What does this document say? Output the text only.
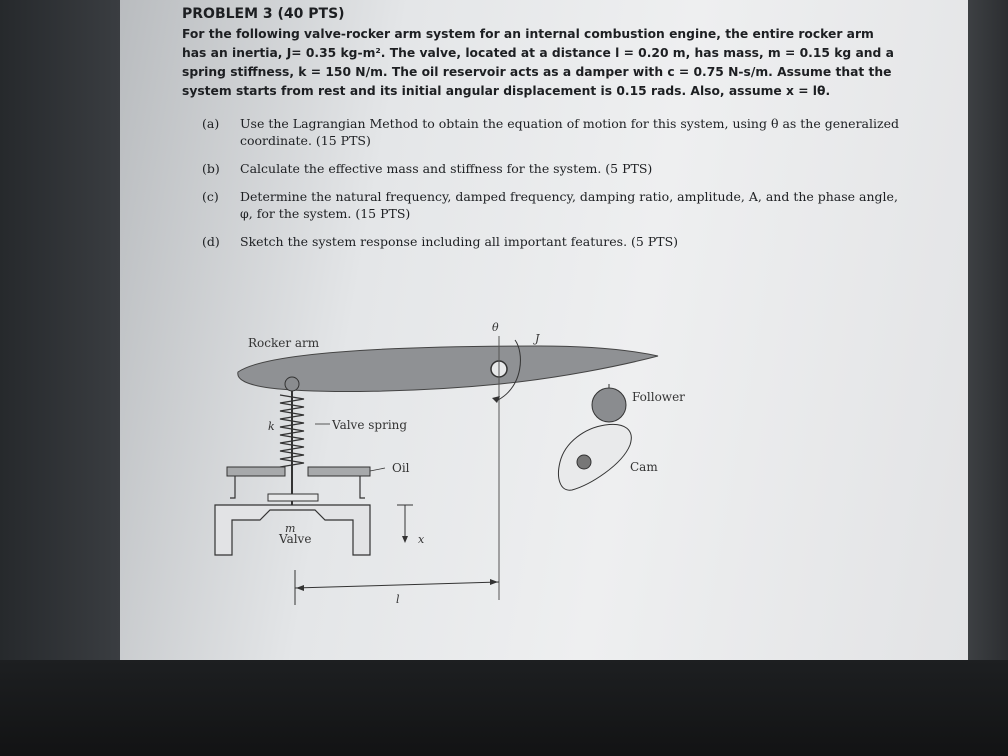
PROBLEM 3 (40 PTS)

For the following valve-rocker arm system for an internal combustion engine, the entire rocker arm has an inertia, J= 0.35 kg-m². The valve, located at a distance l = 0.20 m, has mass, m = 0.15 kg and a spring stiffness, k = 150 N/m. The oil reservoir acts as a damper with c = 0.75 N-s/m. Assume that the system starts from rest and its initial angular displacement is 0.15 rads. Also, assume x = lθ.

(a)	Use the Lagrangian Method to obtain the equation of motion for this system, using θ as the generalized coordinate. (15 PTS)
(b)	Calculate the effective mass and stiffness for the system. (5 PTS)
(c)	Determine the natural frequency, damped frequency, damping ratio, amplitude, A, and the phase angle, φ, for the system. (15 PTS)
(d)	Sketch the system response including all important features. (5 PTS)
Rocker arm
θ
J
Follower
Cam
k	Valve spring
Oil
m
Valve	x
l
